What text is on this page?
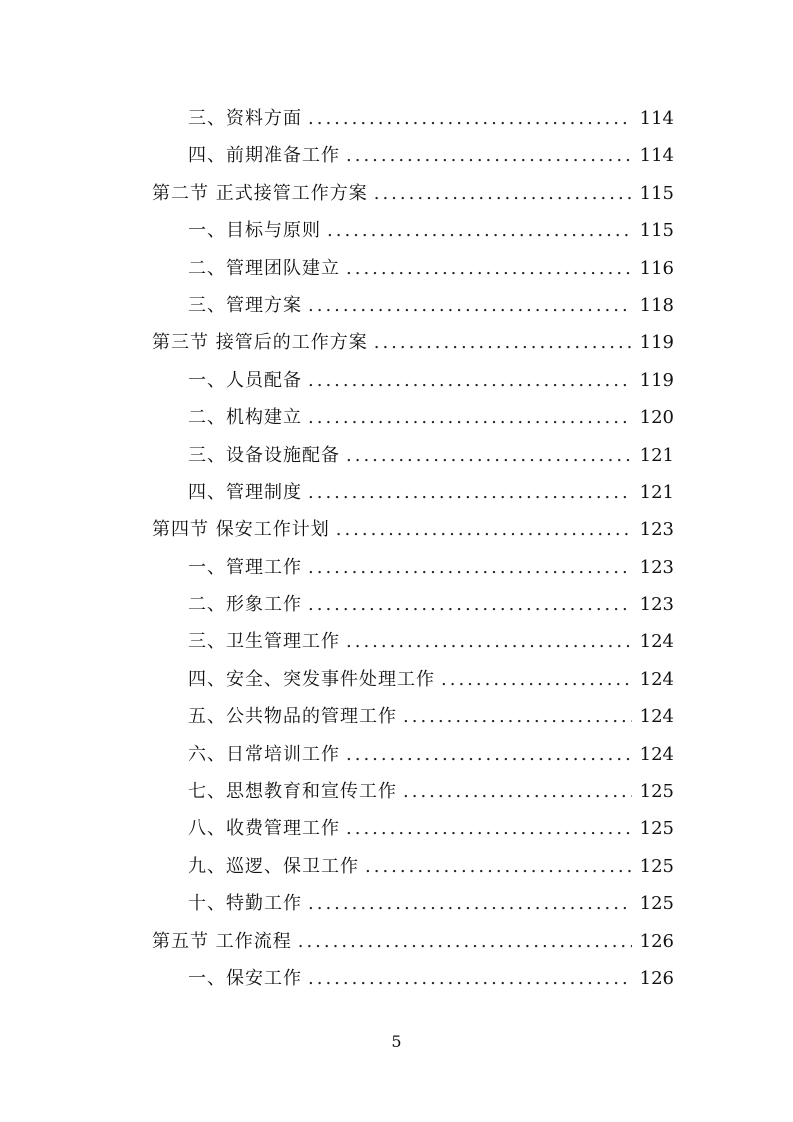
三、资料方面 .....	114
四、前期准备工作 .....	114
第二节 正式接管工作方案 .....	115
一、目标与原则 .....	115
二、管理团队建立 .....	116
三、管理方案 .....	118
第三节 接管后的工作方案 .....	119
一、人员配备 .....	119
二、机构建立 .....	120
三、设备设施配备 .....	121
四、管理制度 .....	121
第四节 保安工作计划 .....	123
一、管理工作 .....	123
二、形象工作 .....	123
三、卫生管理工作 .....	124
四、安全、突发事件处理工作 .....	124
五、公共物品的管理工作 .....	124
六、日常培训工作 .....	124
七、思想教育和宣传工作 .....	125
八、收费管理工作 .....	125
九、巡逻、保卫工作 .....	125
十、特勤工作 .....	125
第五节 工作流程 .....	126
一、保安工作 .....	126
5
